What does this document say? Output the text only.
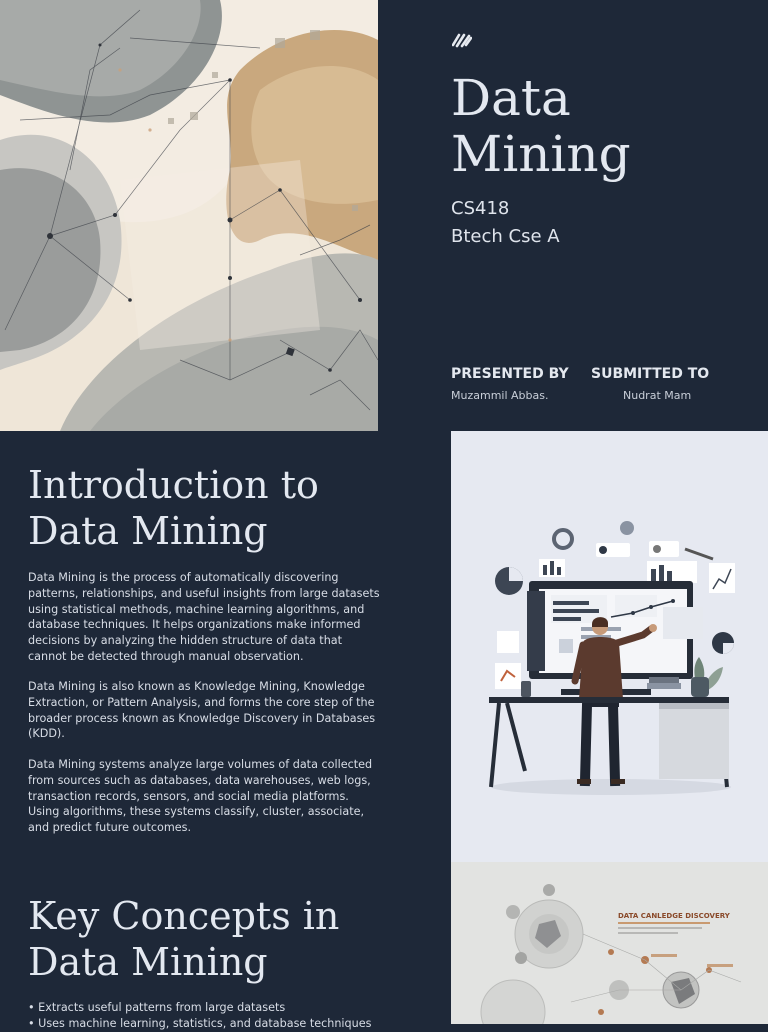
Data Mining
CS418
Btech Cse A
PRESENTED BY
Muzammil Abbas.
SUBMITTED TO
Nudrat Mam
Introduction to Data Mining

Data Mining is the process of automatically discovering patterns, relationships, and useful insights from large datasets using statistical methods, machine learning algorithms, and database techniques. It helps organizations make informed decisions by analyzing the hidden structure of data that cannot be detected through manual observation.

Data Mining is also known as Knowledge Mining, Knowledge Extraction, or Pattern Analysis, and forms the core step of the broader process known as Knowledge Discovery in Databases (KDD).

Data Mining systems analyze large volumes of data collected from sources such as databases, data warehouses, web logs, transaction records, sensors, and social media platforms. Using algorithms, these systems classify, cluster, associate, and predict future outcomes.

Key Concepts in Data Mining
• Extracts useful patterns from large datasets
• Uses machine learning, statistics, and database techniques
DATA CANLEDGE DISCOVERY
